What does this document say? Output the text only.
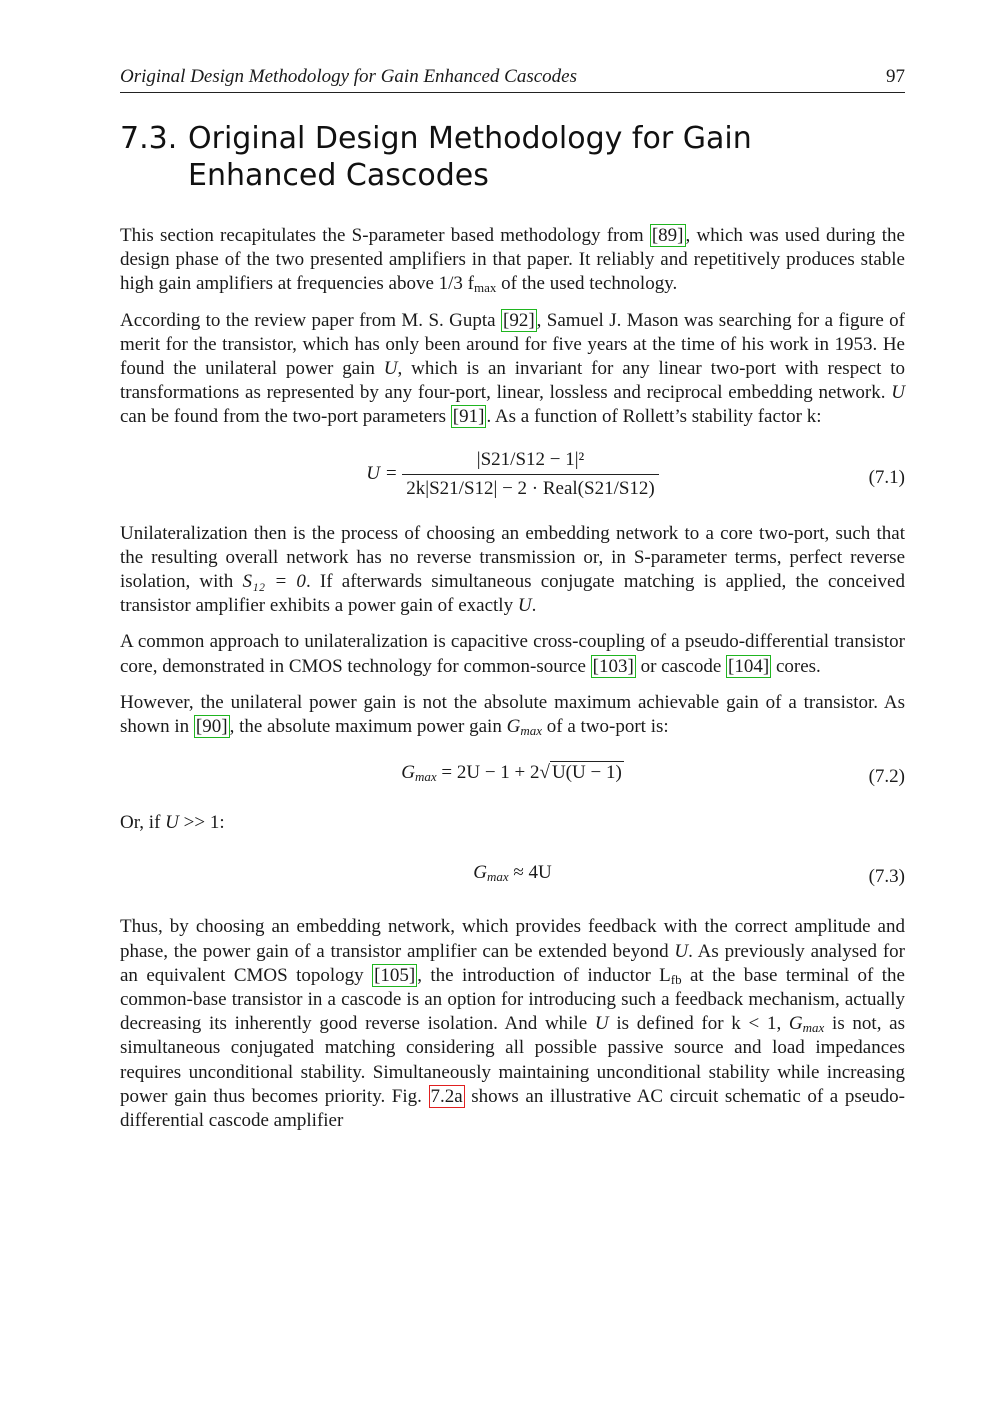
Original Design Methodology for Gain Enhanced Cascodes	97
7.3. Original Design Methodology for Gain Enhanced Cascodes

This section recapitulates the S-parameter based methodology from [89] , which was used during the design phase of the two presented amplifiers in that paper. It reliably and repetitively produces stable high gain amplifiers at frequencies above 1/3 $f_{max}$ of the used technology.

According to the review paper from M. S. Gupta [92] , Samuel J. Mason was searching for a figure of merit for the transistor, which has only been around for five years at the time of his work in 1953. He found the unilateral power gain U, which is an invariant for any linear two-port with respect to transformations as represented by any four-port, linear, lossless and reciprocal embedding network. U can be found from the two-port parameters [91] . As a function of Rollett’s stability factor k:

$U = \frac{\text{|S21/S12 − 1|²}}{\text{2k|S21/S12| − 2 · Real(S21/S12)}}$	(7.1)

Unilateralization then is the process of choosing an embedding network to a core two-port, such that the resulting overall network has no reverse transmission or, in S-parameter terms, perfect reverse isolation, with S₁₂ = 0. If afterwards simultaneous conjugate matching is applied, the conceived transistor amplifier exhibits a power gain of exactly U.

A common approach to unilateralization is capacitive cross-coupling of a pseudo-differential transistor core, demonstrated in CMOS technology for common-source [103] or cascode [104] cores.

However, the unilateral power gain is not the absolute maximum achievable gain of a transistor. As shown in [90] , the absolute maximum power gain $G_{max}$ of a two-port is:

$G_{max} = 2U - 1 + 2√$ U(U − 1)	(7.2)

Or, if U >> 1:

$G_{max} \approx 4U$	(7.3)

Thus, by choosing an embedding network, which provides feedback with the correct amplitude and phase, the power gain of a transistor amplifier can be extended beyond U. As previously analysed for an equivalent CMOS topology [105] , the introduction of inductor $L_{fb}$ at the base terminal of the common-base transistor in a cascode is an option for introducing such a feedback mechanism, actually decreasing its inherently good reverse isolation. And while U is defined for k < 1, $G_{max}$ is not, as simultaneous conjugated matching considering all possible passive source and load impedances requires unconditional stability. Simultaneously maintaining unconditional stability while increasing power gain thus becomes priority. Fig. 7.2a shows an illustrative AC circuit schematic of a pseudo-differential cascode amplifier
